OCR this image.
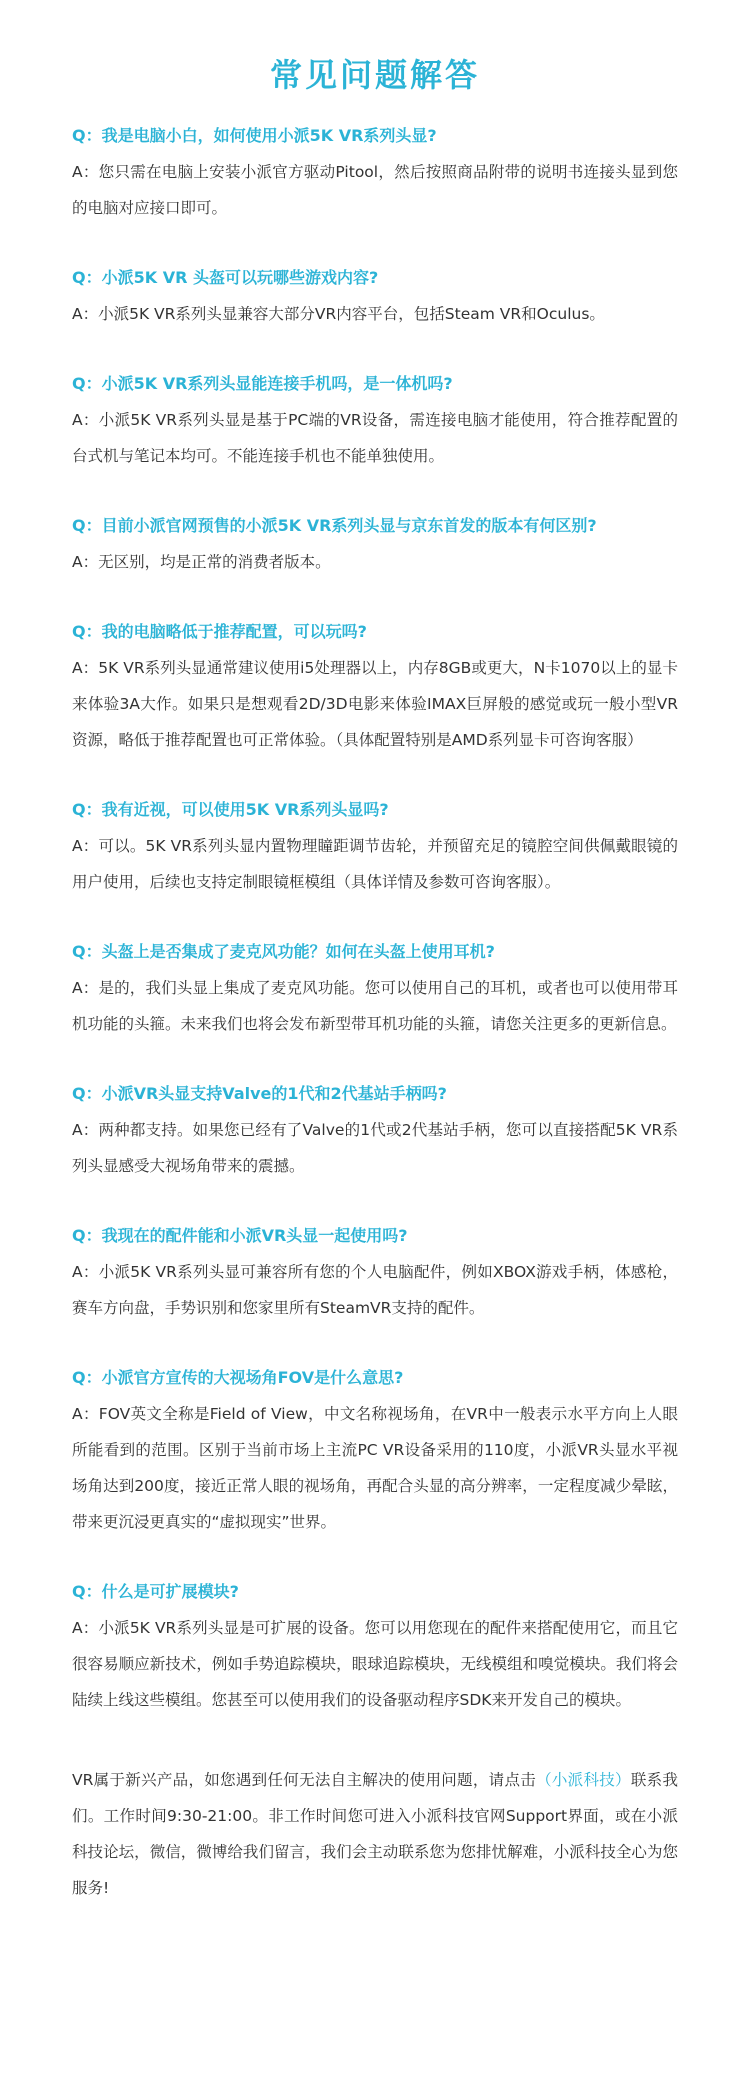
常见问题解答

Q：我是电脑小白，如何使用小派5K VR系列头显?

A：您只需在电脑上安装小派官方驱动Pitool，然后按照商品附带的说明书连接头显到您的电脑对应接口即可。

Q：小派5K VR 头盔可以玩哪些游戏内容?

A：小派5K VR系列头显兼容大部分VR内容平台，包括Steam VR和Oculus。

Q：小派5K VR系列头显能连接手机吗，是一体机吗?

A：小派5K VR系列头显是基于PC端的VR设备，需连接电脑才能使用，符合推荐配置的台式机与笔记本均可。不能连接手机也不能单独使用。

Q：目前小派官网预售的小派5K VR系列头显与京东首发的版本有何区别?

A：无区别，均是正常的消费者版本。

Q：我的电脑略低于推荐配置，可以玩吗?

A：5K VR系列头显通常建议使用i5处理器以上，内存8GB或更大，N卡1070以上的显卡来体验3A大作。如果只是想观看2D/3D电影来体验IMAX巨屏般的感觉或玩一般小型VR资源，略低于推荐配置也可正常体验。（具体配置特别是AMD系列显卡可咨询客服）

Q：我有近视，可以使用5K VR系列头显吗?

A：可以。5K VR系列头显内置物理瞳距调节齿轮，并预留充足的镜腔空间供佩戴眼镜的用户使用，后续也支持定制眼镜框模组（具体详情及参数可咨询客服）。

Q：头盔上是否集成了麦克风功能？如何在头盔上使用耳机?

A：是的，我们头显上集成了麦克风功能。您可以使用自己的耳机，或者也可以使用带耳机功能的头箍。未来我们也将会发布新型带耳机功能的头箍，请您关注更多的更新信息。

Q：小派VR头显支持Valve的1代和2代基站手柄吗?

A：两种都支持。如果您已经有了Valve的1代或2代基站手柄，您可以直接搭配5K VR系列头显感受大视场角带来的震撼。

Q：我现在的配件能和小派VR头显一起使用吗?

A：小派5K VR系列头显可兼容所有您的个人电脑配件，例如XBOX游戏手柄，体感枪，赛车方向盘，手势识别和您家里所有SteamVR支持的配件。

Q：小派官方宣传的大视场角FOV是什么意思?

A：FOV英文全称是Field of View，中文名称视场角，在VR中一般表示水平方向上人眼所能看到的范围。区别于当前市场上主流PC VR设备采用的110度，小派VR头显水平视场角达到200度，接近正常人眼的视场角，再配合头显的高分辨率，一定程度减少晕眩，带来更沉浸更真实的“虚拟现实”世界。

Q：什么是可扩展模块?

A：小派5K VR系列头显是可扩展的设备。您可以用您现在的配件来搭配使用它，而且它很容易顺应新技术，例如手势追踪模块，眼球追踪模块，无线模组和嗅觉模块。我们将会陆续上线这些模组。您甚至可以使用我们的设备驱动程序SDK来开发自己的模块。

VR属于新兴产品，如您遇到任何无法自主解决的使用问题，请点击（小派科技）联系我们。工作时间9:30-21:00。非工作时间您可进入小派科技官网Support界面，或在小派科技论坛，微信，微博给我们留言，我们会主动联系您为您排忧解难，小派科技全心为您服务!
